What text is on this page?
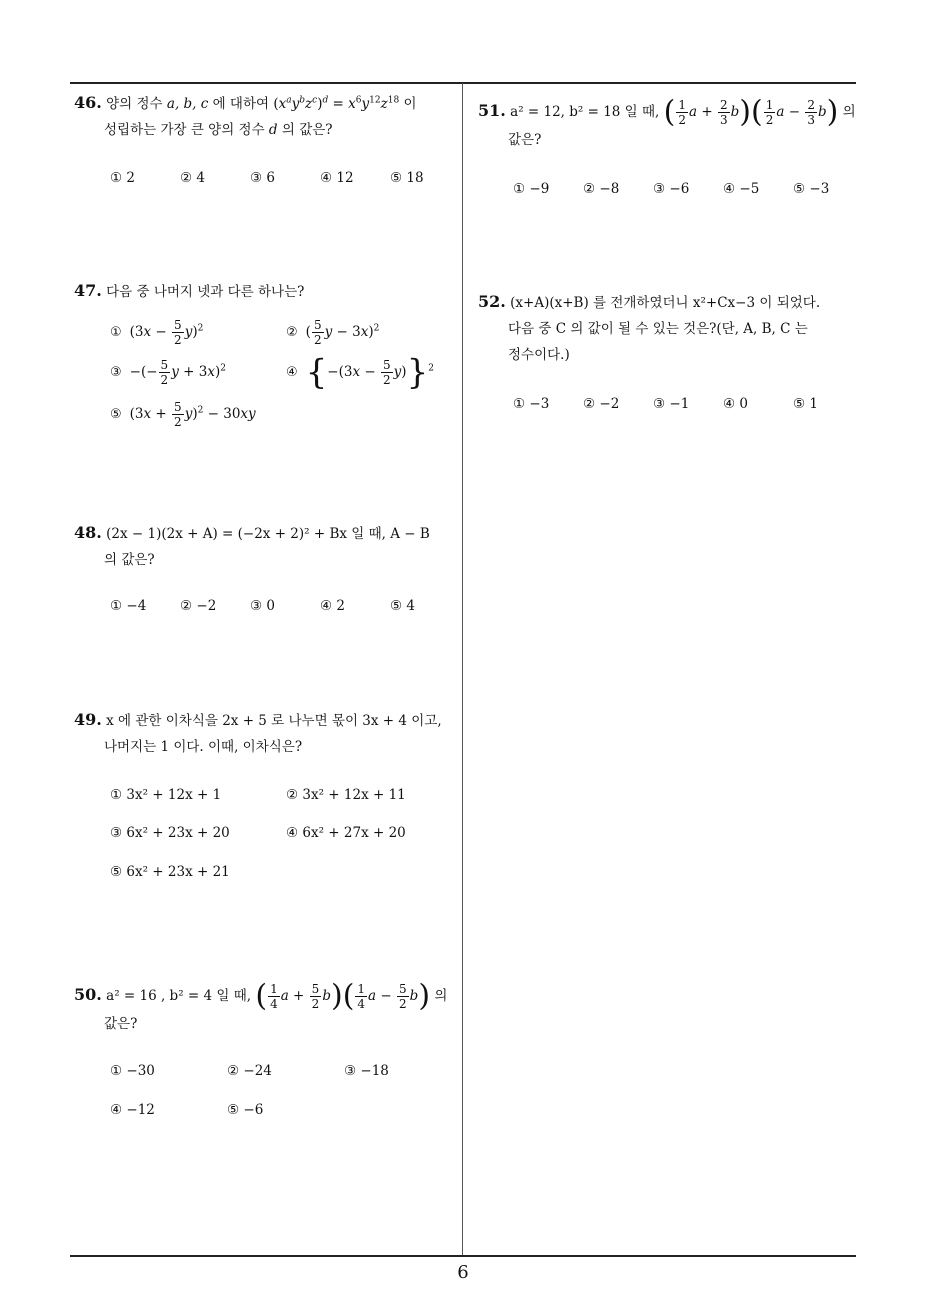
46. 양의 정수 a, b, c 에 대하여 $(x^ay^bz^c)^d = x^6y^{12}z^{18}$ 이
성립하는 가장 큰 양의 정수 d 의 값은?
① 2	② 4	③ 6	④ 12	⑤ 18
47. 다음 중 나머지 넷과 다른 하나는?
① $(3x - \frac{5}{2} y)^2$	② ( $\frac{5}{2}$ y − 3x)$^2$
③ −(− $\frac{5}{2}$ y + 3x)$^2$	④ $\{-(3x - \frac{5}{2} y)\}^2$
⑤ $(3x + \frac{5}{2} y)^2 - 30xy$
48. (2x − 1)(2x + A) = (−2x + 2)² + Bx 일 때, A − B
의 값은?
① −4 ② −2 ③ 0	④ 2	⑤ 4
49. x 에 관한 이차식을 2x + 5 로 나누면 몫이 3x + 4 이고,
나머지는 1 이다. 이때, 이차식은?
① 3x² + 12x + 1	② 3x² + 12x + 11
③ 6x² + 23x + 20	④ 6x² + 27x + 20
⑤ 6x² + 23x + 21
50. a² = 16 , b² = 4 일 때, ( $\frac{1}{4}$ $a + \frac{5}{2} b)( \frac{1}{4}$ $a - \frac{5}{2} b$) 의
값은?
① −30	② −24	③ −18
④ −12	⑤ −6
51. a² = 12, b² = 18 일 때, ( $\frac{1}{2}$ $a + \frac{2}{3} b)( \frac{1}{2}$ $a - \frac{2}{3} b$) 의
값은?
① −9 ② −8 ③ −6 ④ −5 ⑤ −3
52. (x+A)(x+B) 를 전개하였더니 x²+Cx−3 이 되었다.
다음 중 C 의 값이 될 수 있는 것은?(단, A, B, C 는
정수이다.)
① −3 ② −2 ③ −1 ④ 0	⑤ 1
6
